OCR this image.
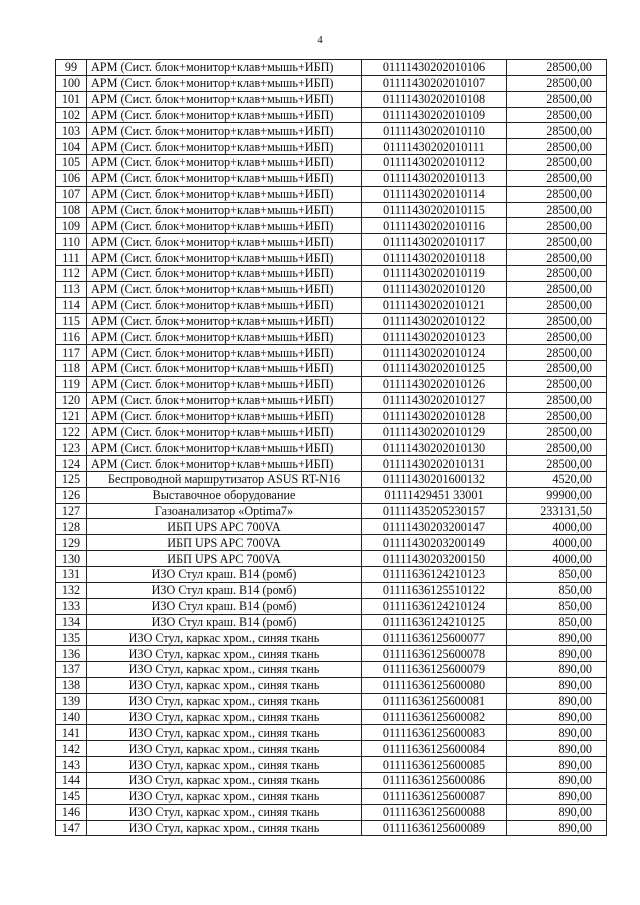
4
99	АРМ (Сист. блок+монитор+клав+мышь+ИБП)	01111430202010106	28500,00
100	АРМ (Сист. блок+монитор+клав+мышь+ИБП)	01111430202010107	28500,00
101	АРМ (Сист. блок+монитор+клав+мышь+ИБП)	01111430202010108	28500,00
102	АРМ (Сист. блок+монитор+клав+мышь+ИБП)	01111430202010109	28500,00
103	АРМ (Сист. блок+монитор+клав+мышь+ИБП)	01111430202010110	28500,00
104	АРМ (Сист. блок+монитор+клав+мышь+ИБП)	01111430202010111	28500,00
105	АРМ (Сист. блок+монитор+клав+мышь+ИБП)	01111430202010112	28500,00
106	АРМ (Сист. блок+монитор+клав+мышь+ИБП)	01111430202010113	28500,00
107	АРМ (Сист. блок+монитор+клав+мышь+ИБП)	01111430202010114	28500,00
108	АРМ (Сист. блок+монитор+клав+мышь+ИБП)	01111430202010115	28500,00
109	АРМ (Сист. блок+монитор+клав+мышь+ИБП)	01111430202010116	28500,00
110	АРМ (Сист. блок+монитор+клав+мышь+ИБП)	01111430202010117	28500,00
111	АРМ (Сист. блок+монитор+клав+мышь+ИБП)	01111430202010118	28500,00
112	АРМ (Сист. блок+монитор+клав+мышь+ИБП)	01111430202010119	28500,00
113	АРМ (Сист. блок+монитор+клав+мышь+ИБП)	01111430202010120	28500,00
114	АРМ (Сист. блок+монитор+клав+мышь+ИБП)	01111430202010121	28500,00
115	АРМ (Сист. блок+монитор+клав+мышь+ИБП)	01111430202010122	28500,00
116	АРМ (Сист. блок+монитор+клав+мышь+ИБП)	01111430202010123	28500,00
117	АРМ (Сист. блок+монитор+клав+мышь+ИБП)	01111430202010124	28500,00
118	АРМ (Сист. блок+монитор+клав+мышь+ИБП)	01111430202010125	28500,00
119	АРМ (Сист. блок+монитор+клав+мышь+ИБП)	01111430202010126	28500,00
120	АРМ (Сист. блок+монитор+клав+мышь+ИБП)	01111430202010127	28500,00
121	АРМ (Сист. блок+монитор+клав+мышь+ИБП)	01111430202010128	28500,00
122	АРМ (Сист. блок+монитор+клав+мышь+ИБП)	01111430202010129	28500,00
123	АРМ (Сист. блок+монитор+клав+мышь+ИБП)	01111430202010130	28500,00
124	АРМ (Сист. блок+монитор+клав+мышь+ИБП)	01111430202010131	28500,00
125	Беспроводной маршрутизатор ASUS RT-N16	01111430201600132	4520,00
126	Выставочное оборудование	01111429451 33001	99900,00
127	Газоанализатор «Optima7»	01111435205230157	233131,50
128	ИБП UPS APC 700VA	01111430203200147	4000,00
129	ИБП UPS APC 700VA	01111430203200149	4000,00
130	ИБП UPS APC 700VA	01111430203200150	4000,00
131	ИЗО Стул краш. В14 (ромб)	01111636124210123	850,00
132	ИЗО Стул краш. В14 (ромб)	01111636125510122	850,00
133	ИЗО Стул краш. В14 (ромб)	01111636124210124	850,00
134	ИЗО Стул краш. В14 (ромб)	01111636124210125	850,00
135	ИЗО Стул, каркас хром., синяя ткань	01111636125600077	890,00
136	ИЗО Стул, каркас хром., синяя ткань	01111636125600078	890,00
137	ИЗО Стул, каркас хром., синяя ткань	01111636125600079	890,00
138	ИЗО Стул, каркас хром., синяя ткань	01111636125600080	890,00
139	ИЗО Стул, каркас хром., синяя ткань	01111636125600081	890,00
140	ИЗО Стул, каркас хром., синяя ткань	01111636125600082	890,00
141	ИЗО Стул, каркас хром., синяя ткань	01111636125600083	890,00
142	ИЗО Стул, каркас хром., синяя ткань	01111636125600084	890,00
143	ИЗО Стул, каркас хром., синяя ткань	01111636125600085	890,00
144	ИЗО Стул, каркас хром., синяя ткань	01111636125600086	890,00
145	ИЗО Стул, каркас хром., синяя ткань	01111636125600087	890,00
146	ИЗО Стул, каркас хром., синяя ткань	01111636125600088	890,00
147	ИЗО Стул, каркас хром., синяя ткань	01111636125600089	890,00
